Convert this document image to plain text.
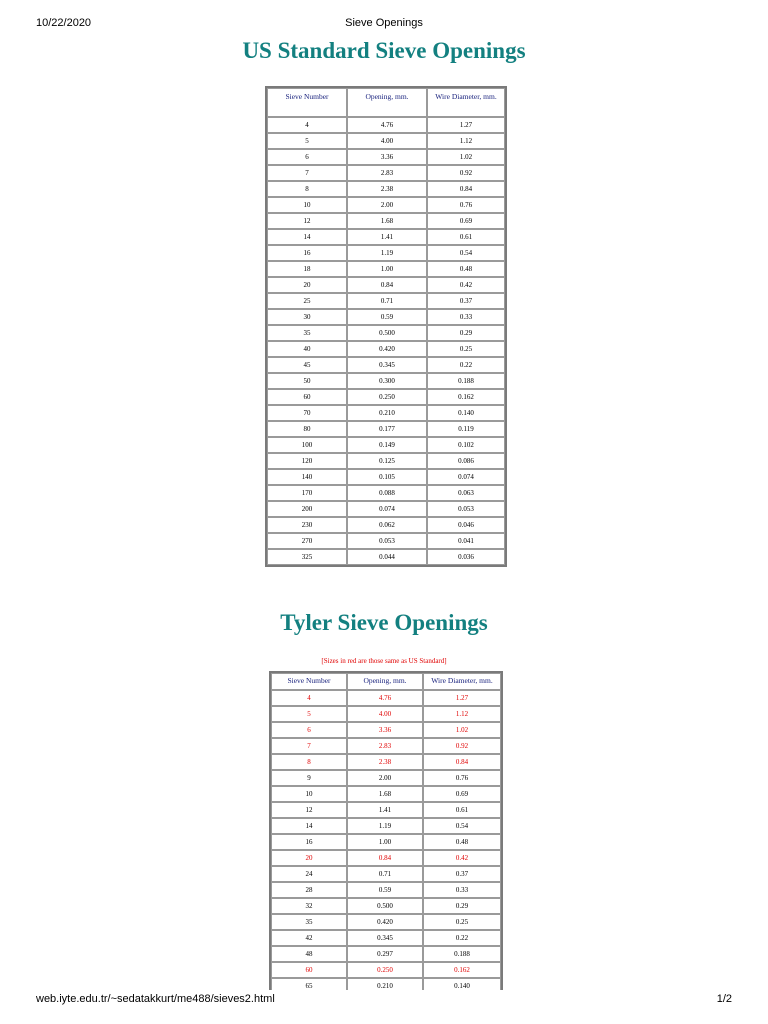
10/22/2020	Sieve Openings
US Standard Sieve Openings
Sieve Number	Opening, mm.	Wire Diameter, mm.
4	4.76	1.27
5	4.00	1.12
6	3.36	1.02
7	2.83	0.92
8	2.38	0.84
10	2.00	0.76
12	1.68	0.69
14	1.41	0.61
16	1.19	0.54
18	1.00	0.48
20	0.84	0.42
25	0.71	0.37
30	0.59	0.33
35	0.500	0.29
40	0.420	0.25
45	0.345	0.22
50	0.300	0.188
60	0.250	0.162
70	0.210	0.140
80	0.177	0.119
100	0.149	0.102
120	0.125	0.086
140	0.105	0.074
170	0.088	0.063
200	0.074	0.053
230	0.062	0.046
270	0.053	0.041
325	0.044	0.036
Tyler Sieve Openings
[Sizes in red are those same as US Standard]
Sieve Number	Opening, mm.	Wire Diameter, mm.
4	4.76	1.27
5	4.00	1.12
6	3.36	1.02
7	2.83	0.92
8	2.38	0.84
9	2.00	0.76
10	1.68	0.69
12	1.41	0.61
14	1.19	0.54
16	1.00	0.48
20	0.84	0.42
24	0.71	0.37
28	0.59	0.33
32	0.500	0.29
35	0.420	0.25
42	0.345	0.22
48	0.297	0.188
60	0.250	0.162
65	0.210	0.140
web.iyte.edu.tr/~sedatakkurt/me488/sieves2.html	1/2
